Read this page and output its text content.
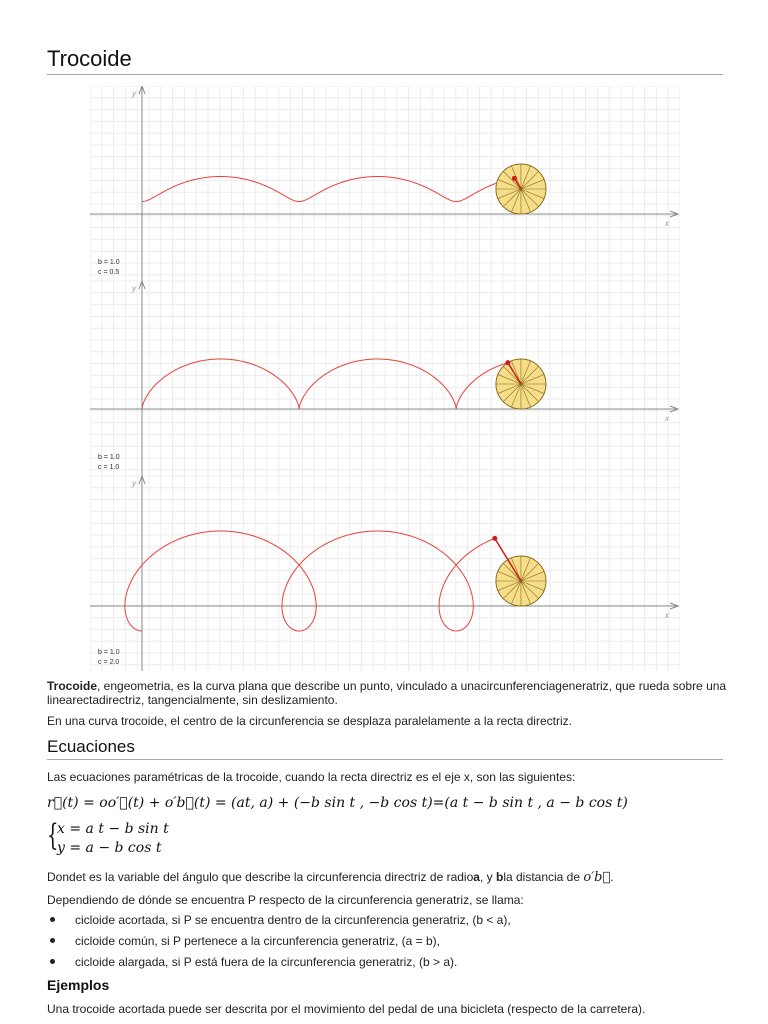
Trocoide
x
y
b = 1.0
c = 0.5
x
y
b = 1.0
c = 1.0
x
y
b = 1.0
c = 2.0

Trocoide, engeometria, es la curva plana que describe un punto, vinculado a unacircunferenciageneratriz, que rueda sobre una linearectadirectriz, tangencialmente, sin deslizamiento.

En una curva trocoide, el centro de la circunferencia se desplaza paralelamente a la recta directriz.

Ecuaciones

Las ecuaciones paramétricas de la trocoide, cuando la recta directriz es el eje x, son las siguientes:

r⃗(t) = oo′⃗(t) + o′b⃗(t) = (at, a) + (−b sin t , −b cos t)=(a t − b sin t , a − b cos t)
{
x = a t − b sin t
y = a − b cos t

Dondet es la variable del ángulo que describe la circunferencia directriz de radioa, y bla distancia de o′b⃗.

Dependiendo de dónde se encuentra P respecto de la circunferencia generatriz, se llama:

cicloide acortada, si P se encuentra dentro de la circunferencia generatriz, (b < a),
cicloide común, si P pertenece a la circunferencia generatriz, (a = b),
cicloide alargada, si P está fuera de la circunferencia generatriz, (b > a).
Ejemplos

Una trocoide acortada puede ser descrita por el movimiento del pedal de una bicicleta (respecto de la carretera).
